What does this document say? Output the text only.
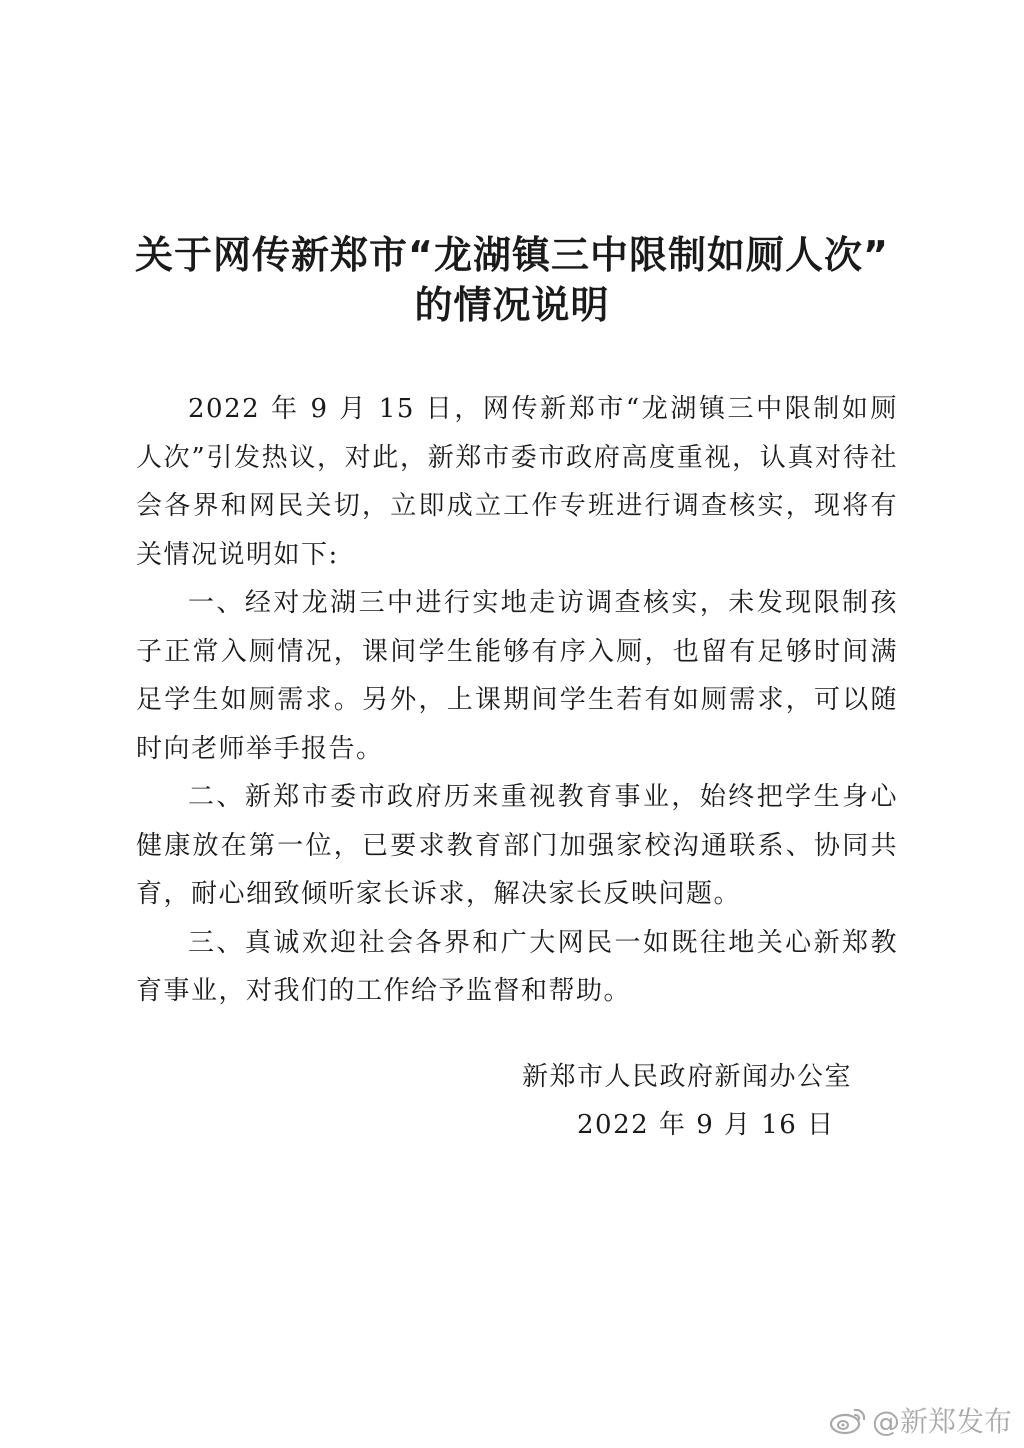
关于网传新郑市“龙湖镇三中限制如厕人次”
的情况说明

2022 年 9 月 15 日，网传新郑市“龙湖镇三中限制如厕人次”引发热议，对此，新郑市委市政府高度重视，认真对待社会各界和网民关切，立即成立工作专班进行调查核实，现将有关情况说明如下:

一、经对龙湖三中进行实地走访调查核实，未发现限制孩子正常入厕情况，课间学生能够有序入厕，也留有足够时间满足学生如厕需求。另外，上课期间学生若有如厕需求，可以随时向老师举手报告。

二、新郑市委市政府历来重视教育事业，始终把学生身心健康放在第一位，已要求教育部门加强家校沟通联系、协同共育，耐心细致倾听家长诉求，解决家长反映问题。

三、真诚欢迎社会各界和广大网民一如既往地关心新郑教育事业，对我们的工作给予监督和帮助。

新郑市人民政府新闻办公室
2022 年 9 月 16 日
@新郑发布
